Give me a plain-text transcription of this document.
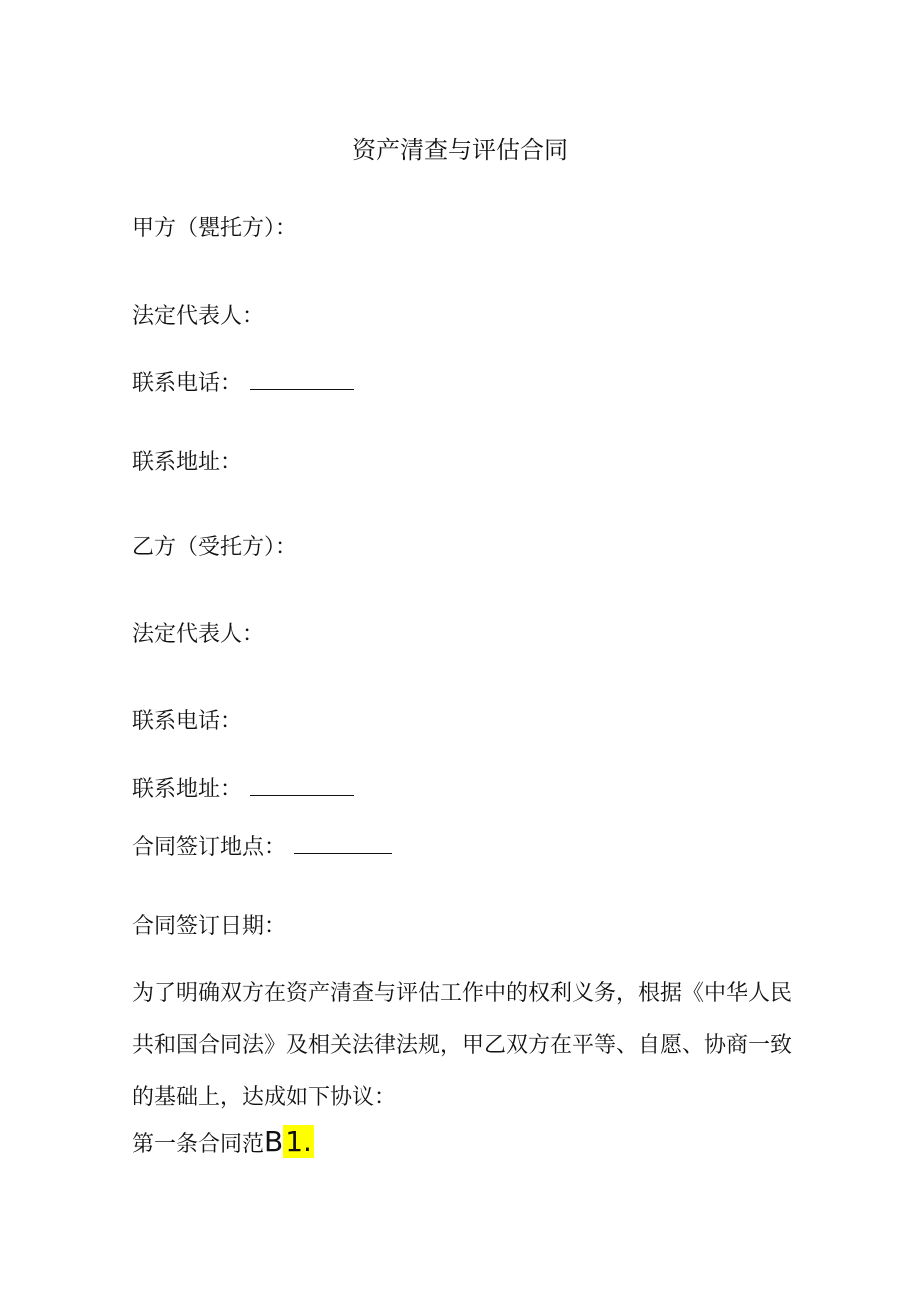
资产清查与评估合同
甲方（甖托方）：
法定代表人：
联系电话：
联系地址：
乙方（受托方）：
法定代表人：
联系电话：
联系地址：
合同签订地点：
合同签订日期：
为了明确双方在资产清查与评估工作中的权利义务，根据《中华人民
共和国合同法》及相关法律法规，甲乙双方在平等、自愿、协商一致
的基础上，达成如下协议：
第一条合同范B1.
